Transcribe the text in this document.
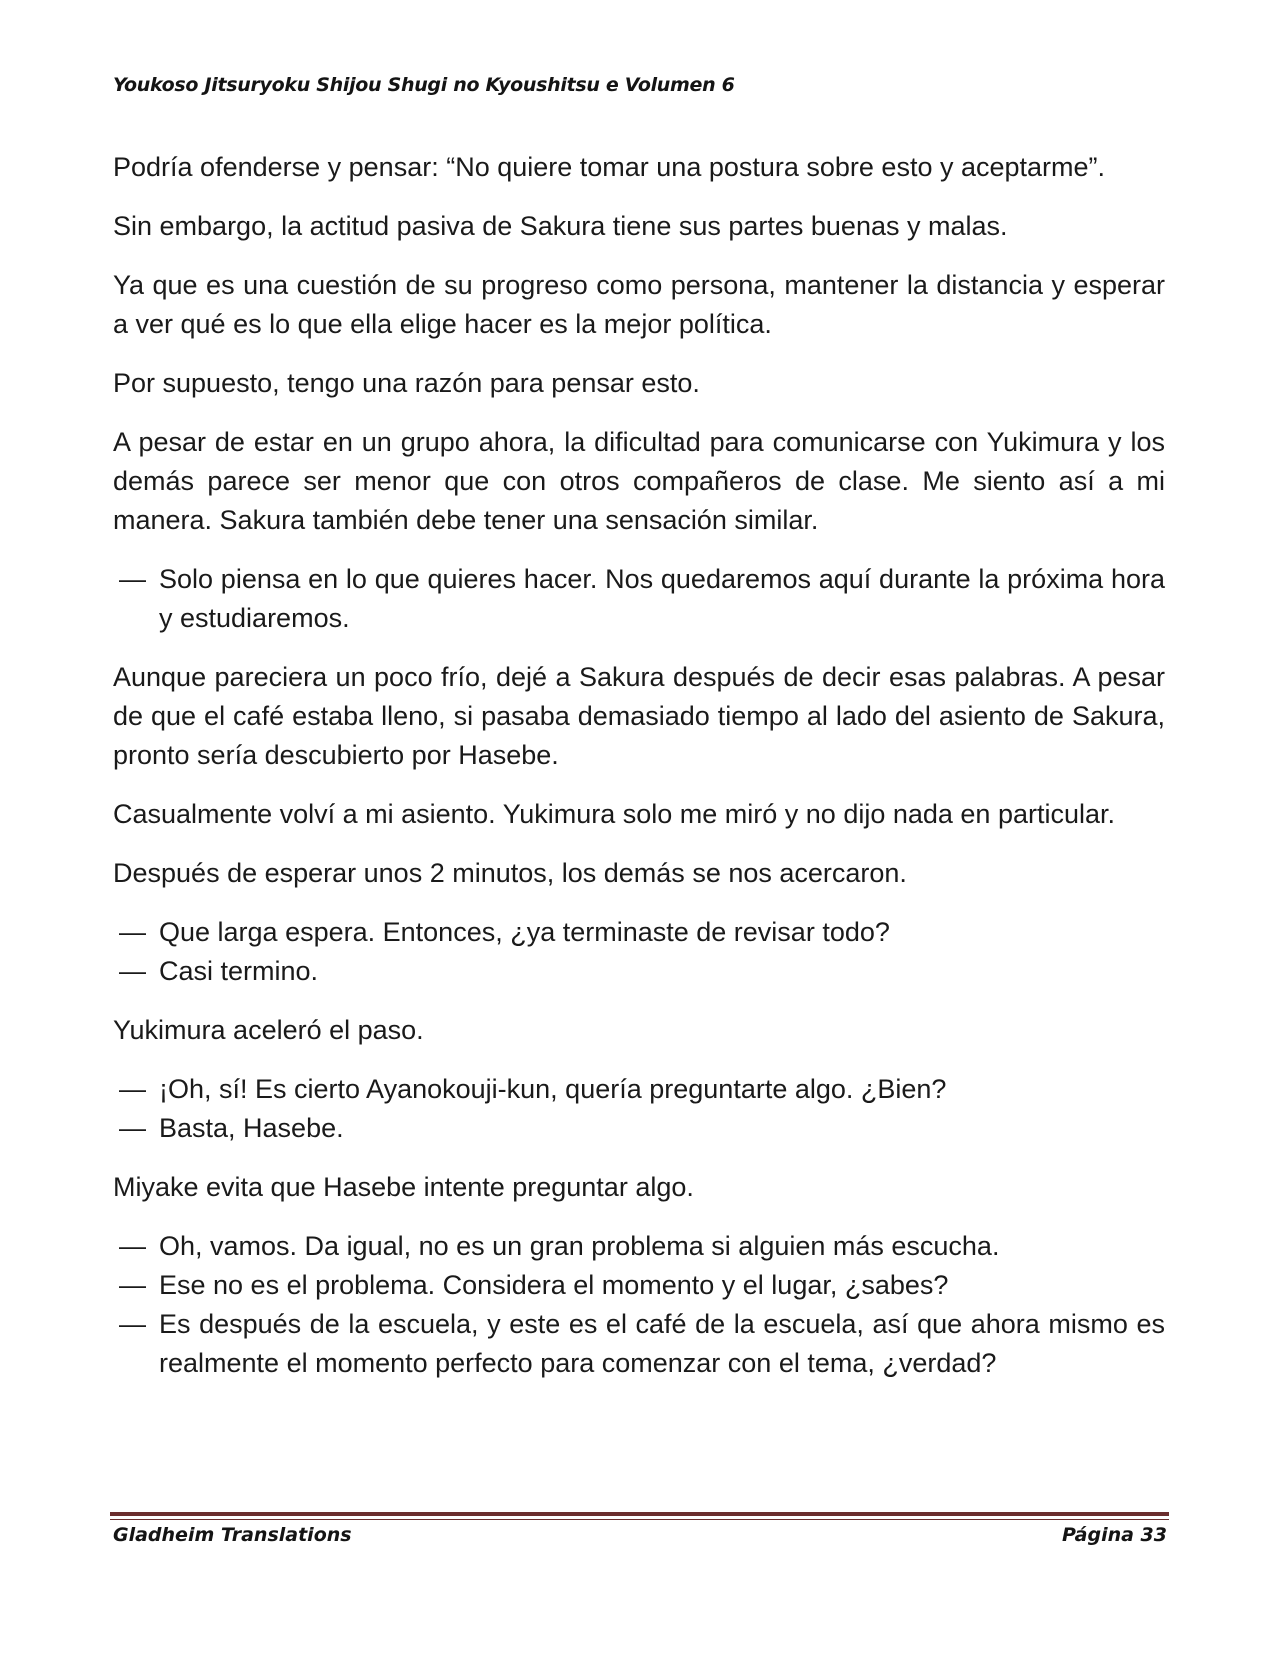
Youkoso Jitsuryoku Shijou Shugi no Kyoushitsu e Volumen 6

Podría ofenderse y pensar: “No quiere tomar una postura sobre esto y aceptarme”.

Sin embargo, la actitud pasiva de Sakura tiene sus partes buenas y malas.

Ya que es una cuestión de su progreso como persona, mantener la distancia y esperar a ver qué es lo que ella elige hacer es la mejor política.

Por supuesto, tengo una razón para pensar esto.

A pesar de estar en un grupo ahora, la dificultad para comunicarse con Yukimura y los demás parece ser menor que con otros compañeros de clase. Me siento así a mi manera. Sakura también debe tener una sensación similar.

— Solo piensa en lo que quieres hacer. Nos quedaremos aquí durante la próxima hora y estudiaremos.

Aunque pareciera un poco frío, dejé a Sakura después de decir esas palabras. A pesar de que el café estaba lleno, si pasaba demasiado tiempo al lado del asiento de Sakura, pronto sería descubierto por Hasebe.

Casualmente volví a mi asiento. Yukimura solo me miró y no dijo nada en particular.

Después de esperar unos 2 minutos, los demás se nos acercaron.

— Que larga espera. Entonces, ¿ya terminaste de revisar todo?
— Casi termino.

Yukimura aceleró el paso.

— ¡Oh, sí! Es cierto Ayanokouji-kun, quería preguntarte algo. ¿Bien?
— Basta, Hasebe.

Miyake evita que Hasebe intente preguntar algo.

— Oh, vamos. Da igual, no es un gran problema si alguien más escucha.
— Ese no es el problema. Considera el momento y el lugar, ¿sabes?
— Es después de la escuela, y este es el café de la escuela, así que ahora mismo es realmente el momento perfecto para comenzar con el tema, ¿verdad?
Gladheim Translations	Página 33
